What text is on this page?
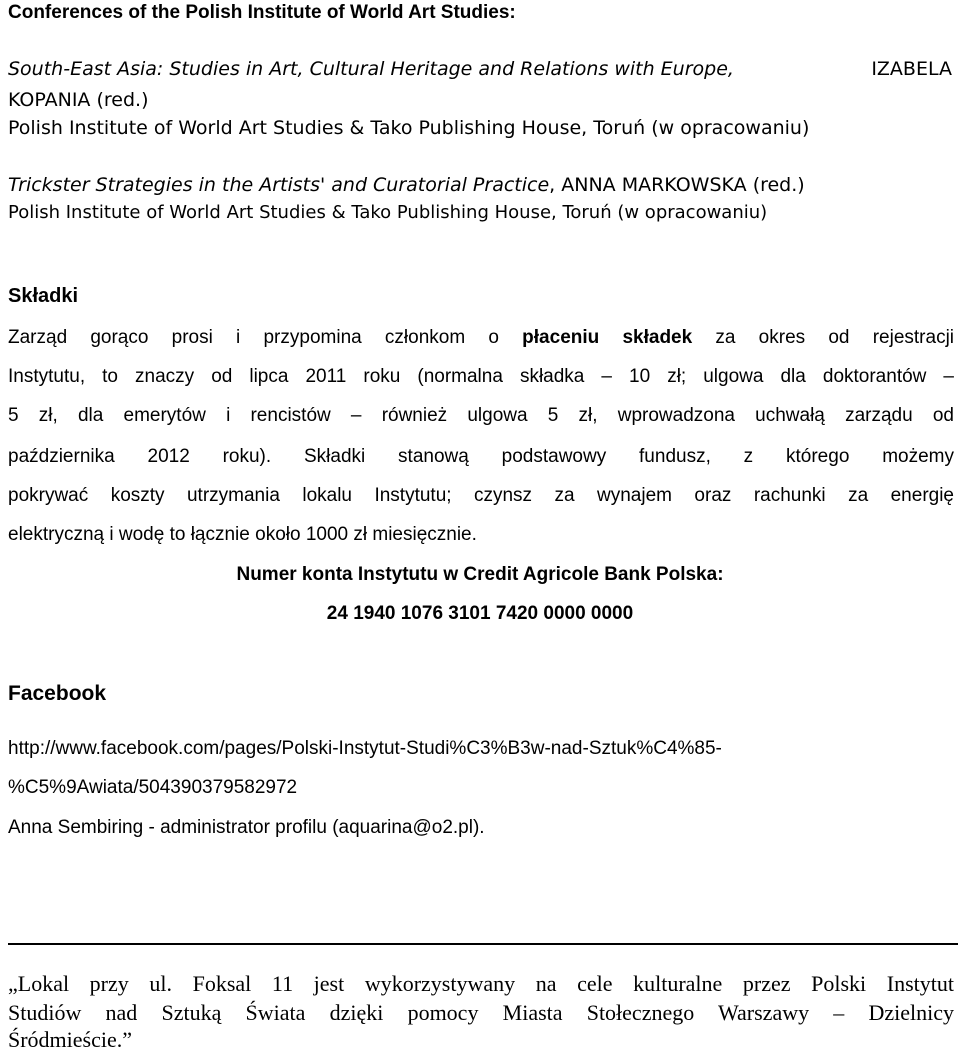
Conferences of the Polish Institute of World Art Studies:
South-East Asia: Studies in Art, Cultural Heritage and Relations with Europe,	IZABELA
KOPANIA (red.)
Polish Institute of World Art Studies & Tako Publishing House, Toruń (w opracowaniu)
Trickster Strategies in the Artists' and Curatorial Practice, ANNA MARKOWSKA (red.)
Polish Institute of World Art Studies & Tako Publishing House, Toruń (w opracowaniu)
Składki
Zarząd gorąco prosi i przypomina członkom o płaceniu składek za okres od rejestracji
Instytutu, to znaczy od lipca 2011 roku (normalna składka – 10 zł; ulgowa dla doktorantów –
5 zł, dla emerytów i rencistów – również ulgowa 5 zł, wprowadzona uchwałą zarządu od
października 2012 roku). Składki stanową podstawowy fundusz, z którego możemy
pokrywać koszty utrzymania lokalu Instytutu; czynsz za wynajem oraz rachunki za energię
elektryczną i wodę to łącznie około 1000 zł miesięcznie.
Numer konta Instytutu w Credit Agricole Bank Polska:
24 1940 1076 3101 7420 0000 0000
Facebook
http://www.facebook.com/pages/Polski-Instytut-Studi%C3%B3w-nad-Sztuk%C4%85-
%C5%9Awiata/504390379582972
Anna Sembiring - administrator profilu (aquarina@o2.pl).
„Lokal przy ul. Foksal 11 jest wykorzystywany na cele kulturalne przez Polski Instytut
Studiów nad Sztuką Świata dzięki pomocy Miasta Stołecznego Warszawy – Dzielnicy
Śródmieście.”
